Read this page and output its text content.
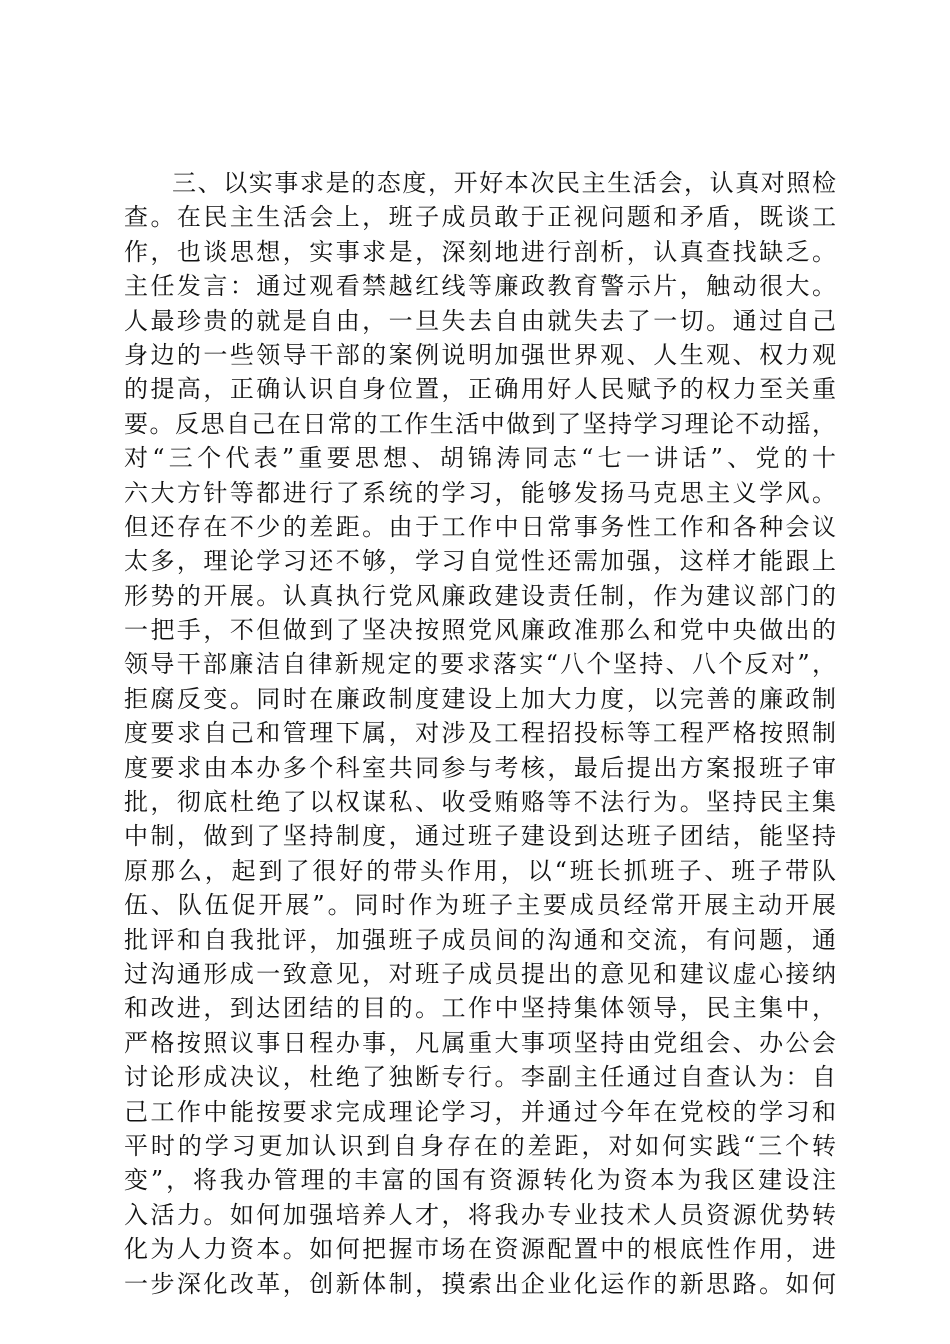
三、以实事求是的态度，开好本次民主生活会，认真对照检
查。在民主生活会上，班子成员敢于正视问题和矛盾，既谈工
作，也谈思想，实事求是，深刻地进行剖析，认真查找缺乏。
主任发言：通过观看禁越红线等廉政教育警示片，触动很大。
人最珍贵的就是自由，一旦失去自由就失去了一切。通过自己
身边的一些领导干部的案例说明加强世界观、人生观、权力观
的提高，正确认识自身位置，正确用好人民赋予的权力至关重
要。反思自己在日常的工作生活中做到了坚持学习理论不动摇，
对“三个代表”重要思想、胡锦涛同志“七一讲话”、党的十
六大方针等都进行了系统的学习，能够发扬马克思主义学风。
但还存在不少的差距。由于工作中日常事务性工作和各种会议
太多，理论学习还不够，学习自觉性还需加强，这样才能跟上
形势的开展。认真执行党风廉政建设责任制，作为建议部门的
一把手，不但做到了坚决按照党风廉政准那么和党中央做出的
领导干部廉洁自律新规定的要求落实“八个坚持、八个反对”，
拒腐反变。同时在廉政制度建设上加大力度，以完善的廉政制
度要求自己和管理下属，对涉及工程招投标等工程严格按照制
度要求由本办多个科室共同参与考核，最后提出方案报班子审
批，彻底杜绝了以权谋私、收受贿赂等不法行为。坚持民主集
中制，做到了坚持制度，通过班子建设到达班子团结，能坚持
原那么，起到了很好的带头作用，以“班长抓班子、班子带队
伍、队伍促开展”。同时作为班子主要成员经常开展主动开展
批评和自我批评，加强班子成员间的沟通和交流，有问题，通
过沟通形成一致意见，对班子成员提出的意见和建议虚心接纳
和改进，到达团结的目的。工作中坚持集体领导，民主集中，
严格按照议事日程办事，凡属重大事项坚持由党组会、办公会
讨论形成决议，杜绝了独断专行。李副主任通过自查认为：自
己工作中能按要求完成理论学习，并通过今年在党校的学习和
平时的学习更加认识到自身存在的差距，对如何实践“三个转
变”，将我办管理的丰富的国有资源转化为资本为我区建设注
入活力。如何加强培养人才，将我办专业技术人员资源优势转
化为人力资本。如何把握市场在资源配置中的根底性作用，进
一步深化改革，创新体制，摸索出企业化运作的新思路。如何
